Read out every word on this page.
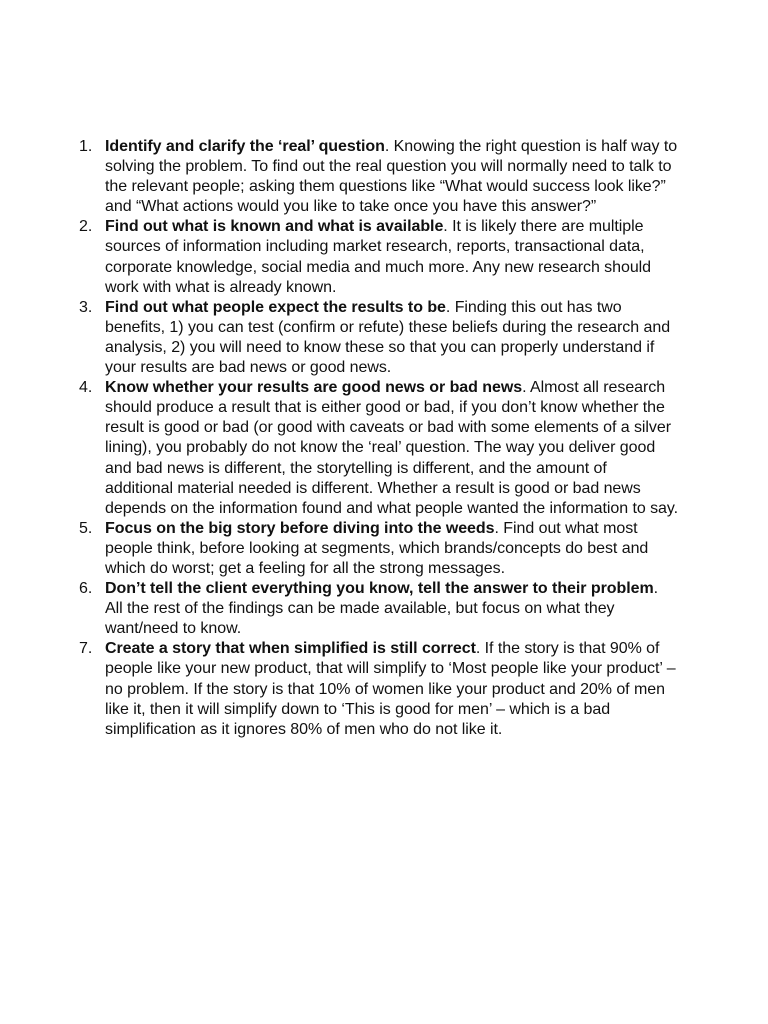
1. Identify and clarify the ‘real’ question. Knowing the right question is half way to solving the problem. To find out the real question you will normally need to talk to the relevant people; asking them questions like “What would success look like?” and “What actions would you like to take once you have this answer?”
2. Find out what is known and what is available. It is likely there are multiple sources of information including market research, reports, transactional data, corporate knowledge, social media and much more. Any new research should work with what is already known.
3. Find out what people expect the results to be. Finding this out has two benefits, 1) you can test (confirm or refute) these beliefs during the research and analysis, 2) you will need to know these so that you can properly understand if your results are bad news or good news.
4. Know whether your results are good news or bad news. Almost all research should produce a result that is either good or bad, if you don’t know whether the result is good or bad (or good with caveats or bad with some elements of a silver lining), you probably do not know the ‘real’ question. The way you deliver good and bad news is different, the storytelling is different, and the amount of additional material needed is different. Whether a result is good or bad news depends on the information found and what people wanted the information to say.
5. Focus on the big story before diving into the weeds. Find out what most people think, before looking at segments, which brands/concepts do best and which do worst; get a feeling for all the strong messages.
6. Don’t tell the client everything you know, tell the answer to their problem. All the rest of the findings can be made available, but focus on what they want/need to know.
7. Create a story that when simplified is still correct. If the story is that 90% of people like your new product, that will simplify to ‘Most people like your product’ – no problem. If the story is that 10% of women like your product and 20% of men like it, then it will simplify down to ‘This is good for men’ – which is a bad simplification as it ignores 80% of men who do not like it.
